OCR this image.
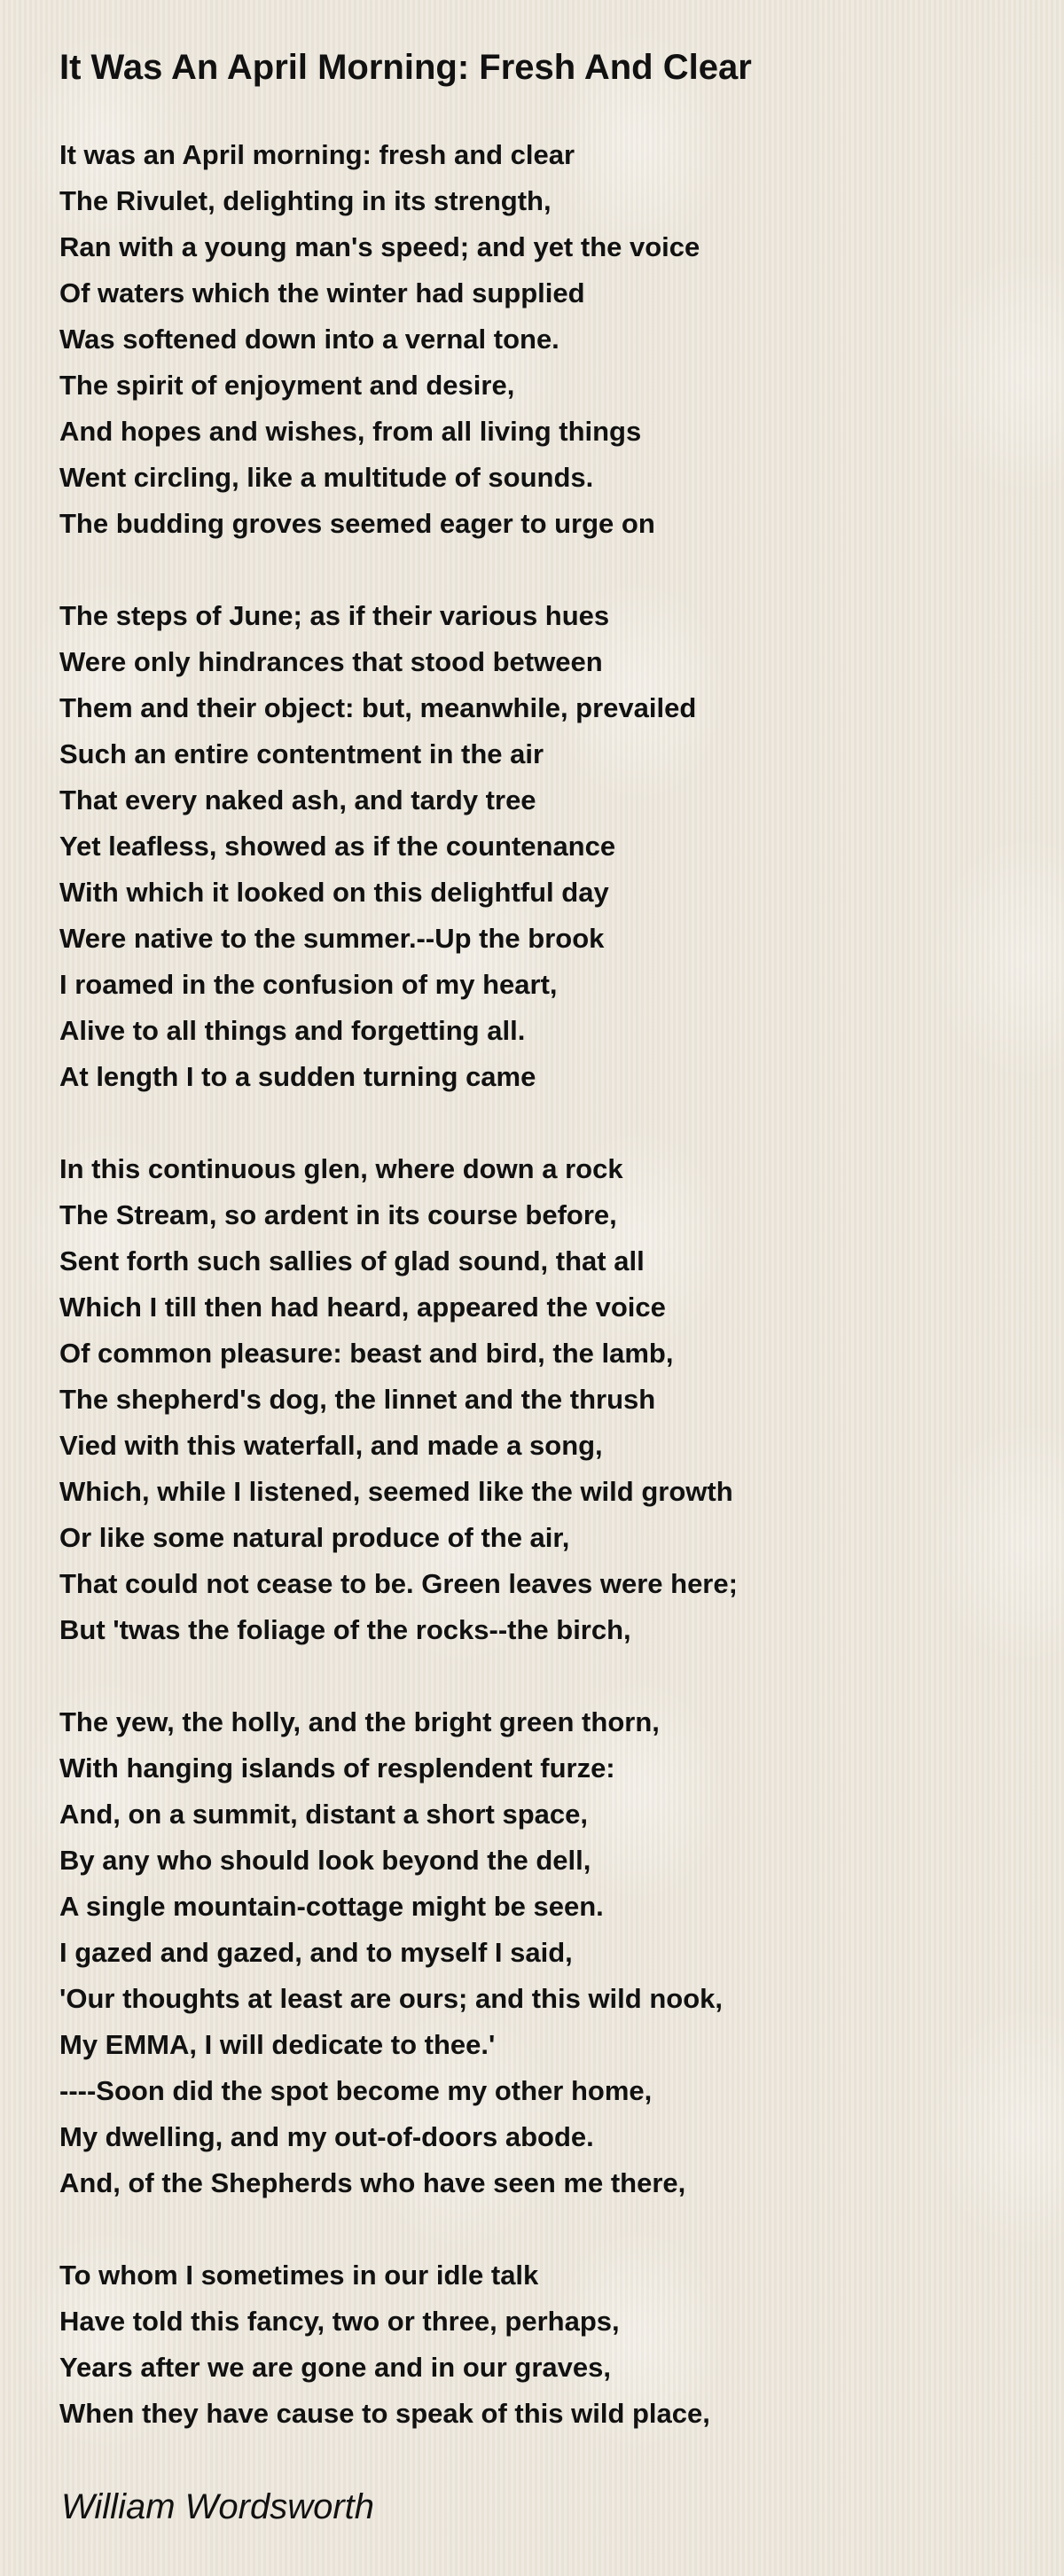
It Was An April Morning: Fresh And Clear
It was an April morning: fresh and clear
The Rivulet, delighting in its strength,
Ran with a young man's speed; and yet the voice
Of waters which the winter had supplied
Was softened down into a vernal tone.
The spirit of enjoyment and desire,
And hopes and wishes, from all living things
Went circling, like a multitude of sounds.
The budding groves seemed eager to urge on
The steps of June; as if their various hues
Were only hindrances that stood between
Them and their object: but, meanwhile, prevailed
Such an entire contentment in the air
That every naked ash, and tardy tree
Yet leafless, showed as if the countenance
With which it looked on this delightful day
Were native to the summer.--Up the brook
I roamed in the confusion of my heart,
Alive to all things and forgetting all.
At length I to a sudden turning came
In this continuous glen, where down a rock
The Stream, so ardent in its course before,
Sent forth such sallies of glad sound, that all
Which I till then had heard, appeared the voice
Of common pleasure: beast and bird, the lamb,
The shepherd's dog, the linnet and the thrush
Vied with this waterfall, and made a song,
Which, while I listened, seemed like the wild growth
Or like some natural produce of the air,
That could not cease to be. Green leaves were here;
But 'twas the foliage of the rocks--the birch,
The yew, the holly, and the bright green thorn,
With hanging islands of resplendent furze:
And, on a summit, distant a short space,
By any who should look beyond the dell,
A single mountain-cottage might be seen.
I gazed and gazed, and to myself I said,
'Our thoughts at least are ours; and this wild nook,
My EMMA, I will dedicate to thee.'
----Soon did the spot become my other home,
My dwelling, and my out-of-doors abode.
And, of the Shepherds who have seen me there,
To whom I sometimes in our idle talk
Have told this fancy, two or three, perhaps,
Years after we are gone and in our graves,
When they have cause to speak of this wild place,

William Wordsworth
